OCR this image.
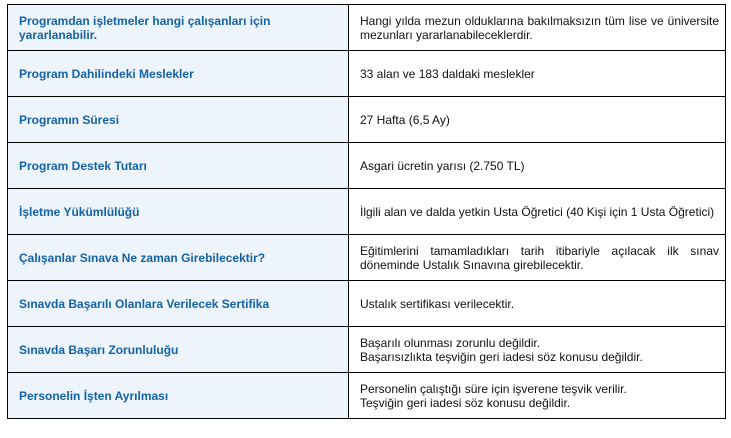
Programdan işletmeler hangi çalışanları için yararlanabilir.	Hangi yılda mezun olduklarına bakılmaksızın tüm lise ve üniversite mezunları yararlanabileceklerdir.

Program Dahilindeki Meslekler	33 alan ve 183 daldaki meslekler

Programın Süresi	27 Hafta (6,5 Ay)

Program Destek Tutarı	Asgari ücretin yarısı (2.750 TL)

İşletme Yükümlülüğü	İlgili alan ve dalda yetkin Usta Öğretici (40 Kişi için 1 Usta Öğretici)

Çalışanlar Sınava Ne zaman Girebilecektir?	Eğitimlerini tamamladıkları tarih itibariyle açılacak ilk sınav döneminde Ustalık Sınavına girebilecektir.

Sınavda Başarılı Olanlara Verilecek Sertifika	Ustalık sertifikası verilecektir.

Sınavda Başarı Zorunluluğu	Başarılı olunması zorunlu değildir.
Başarısızlıkta teşviğin geri iadesi söz konusu değildir.

Personelin İşten Ayrılması	Personelin çalıştığı süre için işverene teşvik verilir.
Teşviğin geri iadesi söz konusu değildir.
